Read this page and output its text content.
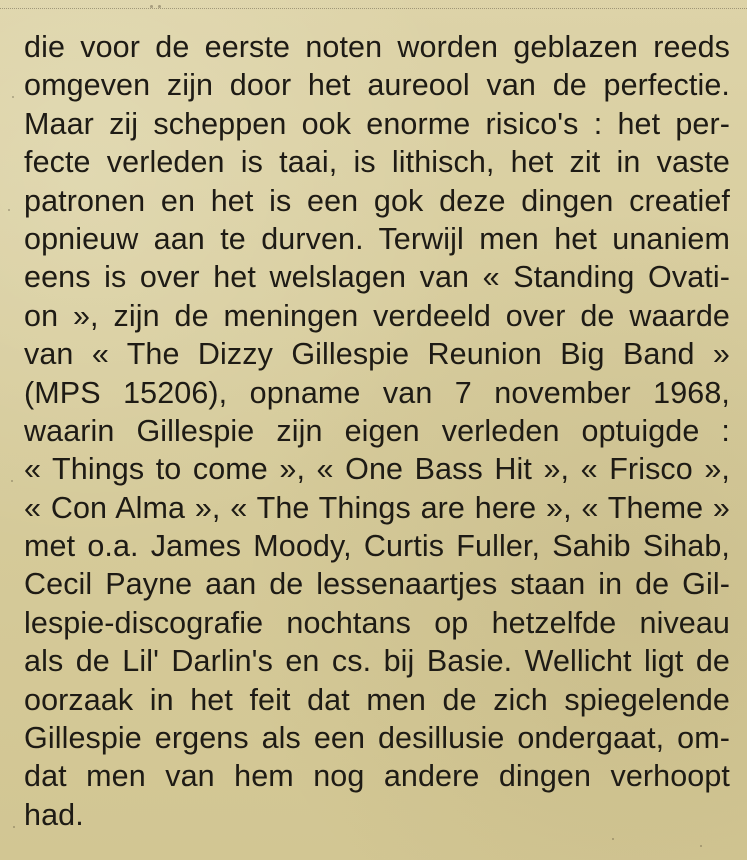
die voor de eerste noten worden geblazen reeds
omgeven zijn door het aureool van de perfectie.
Maar zij scheppen ook enorme risico's : het per-
fecte verleden is taai, is lithisch, het zit in vaste
patronen en het is een gok deze dingen creatief
opnieuw aan te durven. Terwijl men het unaniem
eens is over het welslagen van « Standing Ovati-
on », zijn de meningen verdeeld over de waarde
van « The Dizzy Gillespie Reunion Big Band »
(MPS 15206), opname van 7 november 1968,
waarin Gillespie zijn eigen verleden optuigde :
« Things to come », « One Bass Hit », « Frisco »,
« Con Alma », « The Things are here », « Theme »
met o.a. James Moody, Curtis Fuller, Sahib Sihab,
Cecil Payne aan de lessenaartjes staan in de Gil-
lespie-discografie nochtans op hetzelfde niveau
als de Lil' Darlin's en cs. bij Basie. Wellicht ligt de
oorzaak in het feit dat men de zich spiegelende
Gillespie ergens als een desillusie ondergaat, om-
dat men van hem nog andere dingen verhoopt
had.
